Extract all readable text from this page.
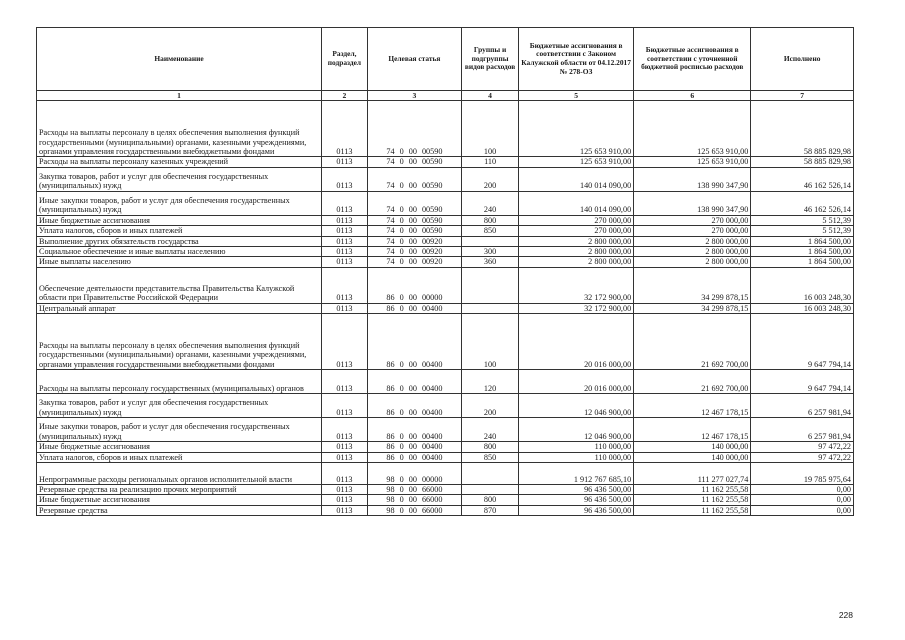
Наименование	Раздел, подраздел	Целевая статья	Группы и подгруппы видов расходов	Бюджетные ассигнования в соответствии с Законом Калужской области от 04.12.2017 № 278-ОЗ	Бюджетные ассигнования в соответствии с уточненной бюджетной росписью расходов	Исполнено
1	2	3	4	5	6	7
Расходы на выплаты персоналу в целях обеспечения выполнения функций государственными (муниципальными) органами, казенными учреждениями, органами управления государственными внебюджетными фондами	0113	74 0 00 00590	100	125 653 910,00	125 653 910,00	58 885 829,98
Расходы на выплаты персоналу казенных учреждений	0113	74 0 00 00590	110	125 653 910,00	125 653 910,00	58 885 829,98
Закупка товаров, работ и услуг для обеспечения государственных (муниципальных) нужд	0113	74 0 00 00590	200	140 014 090,00	138 990 347,90	46 162 526,14
Иные закупки товаров, работ и услуг для обеспечения государственных (муниципальных) нужд	0113	74 0 00 00590	240	140 014 090,00	138 990 347,90	46 162 526,14
Иные бюджетные ассигнования	0113	74 0 00 00590	800	270 000,00	270 000,00	5 512,39
Уплата налогов, сборов и иных платежей	0113	74 0 00 00590	850	270 000,00	270 000,00	5 512,39
Выполнение других обязательств государства	0113	74 0 00 00920		2 800 000,00	2 800 000,00	1 864 500,00
Социальное обеспечение и иные выплаты населению	0113	74 0 00 00920	300	2 800 000,00	2 800 000,00	1 864 500,00
Иные выплаты населению	0113	74 0 00 00920	360	2 800 000,00	2 800 000,00	1 864 500,00
Обеспечение деятельности представительства Правительства Калужской области при Правительстве Российской Федерации	0113	86 0 00 00000		32 172 900,00	34 299 878,15	16 003 248,30
Центральный аппарат	0113	86 0 00 00400		32 172 900,00	34 299 878,15	16 003 248,30
Расходы на выплаты персоналу в целях обеспечения выполнения функций государственными (муниципальными) органами, казенными учреждениями, органами управления государственными внебюджетными фондами	0113	86 0 00 00400	100	20 016 000,00	21 692 700,00	9 647 794,14
Расходы на выплаты персоналу государственных (муниципальных) органов	0113	86 0 00 00400	120	20 016 000,00	21 692 700,00	9 647 794,14
Закупка товаров, работ и услуг для обеспечения государственных (муниципальных) нужд	0113	86 0 00 00400	200	12 046 900,00	12 467 178,15	6 257 981,94
Иные закупки товаров, работ и услуг для обеспечения государственных (муниципальных) нужд	0113	86 0 00 00400	240	12 046 900,00	12 467 178,15	6 257 981,94
Иные бюджетные ассигнования	0113	86 0 00 00400	800	110 000,00	140 000,00	97 472,22
Уплата налогов, сборов и иных платежей	0113	86 0 00 00400	850	110 000,00	140 000,00	97 472,22
Непрограммные расходы региональных органов исполнительной власти	0113	98 0 00 00000		1 912 767 685,10	111 277 027,74	19 785 975,64
Резервные средства на реализацию прочих мероприятий	0113	98 0 00 66000		96 436 500,00	11 162 255,58	0,00
Иные бюджетные ассигнования	0113	98 0 00 66000	800	96 436 500,00	11 162 255,58	0,00
Резервные средства	0113	98 0 00 66000	870	96 436 500,00	11 162 255,58	0,00
228
